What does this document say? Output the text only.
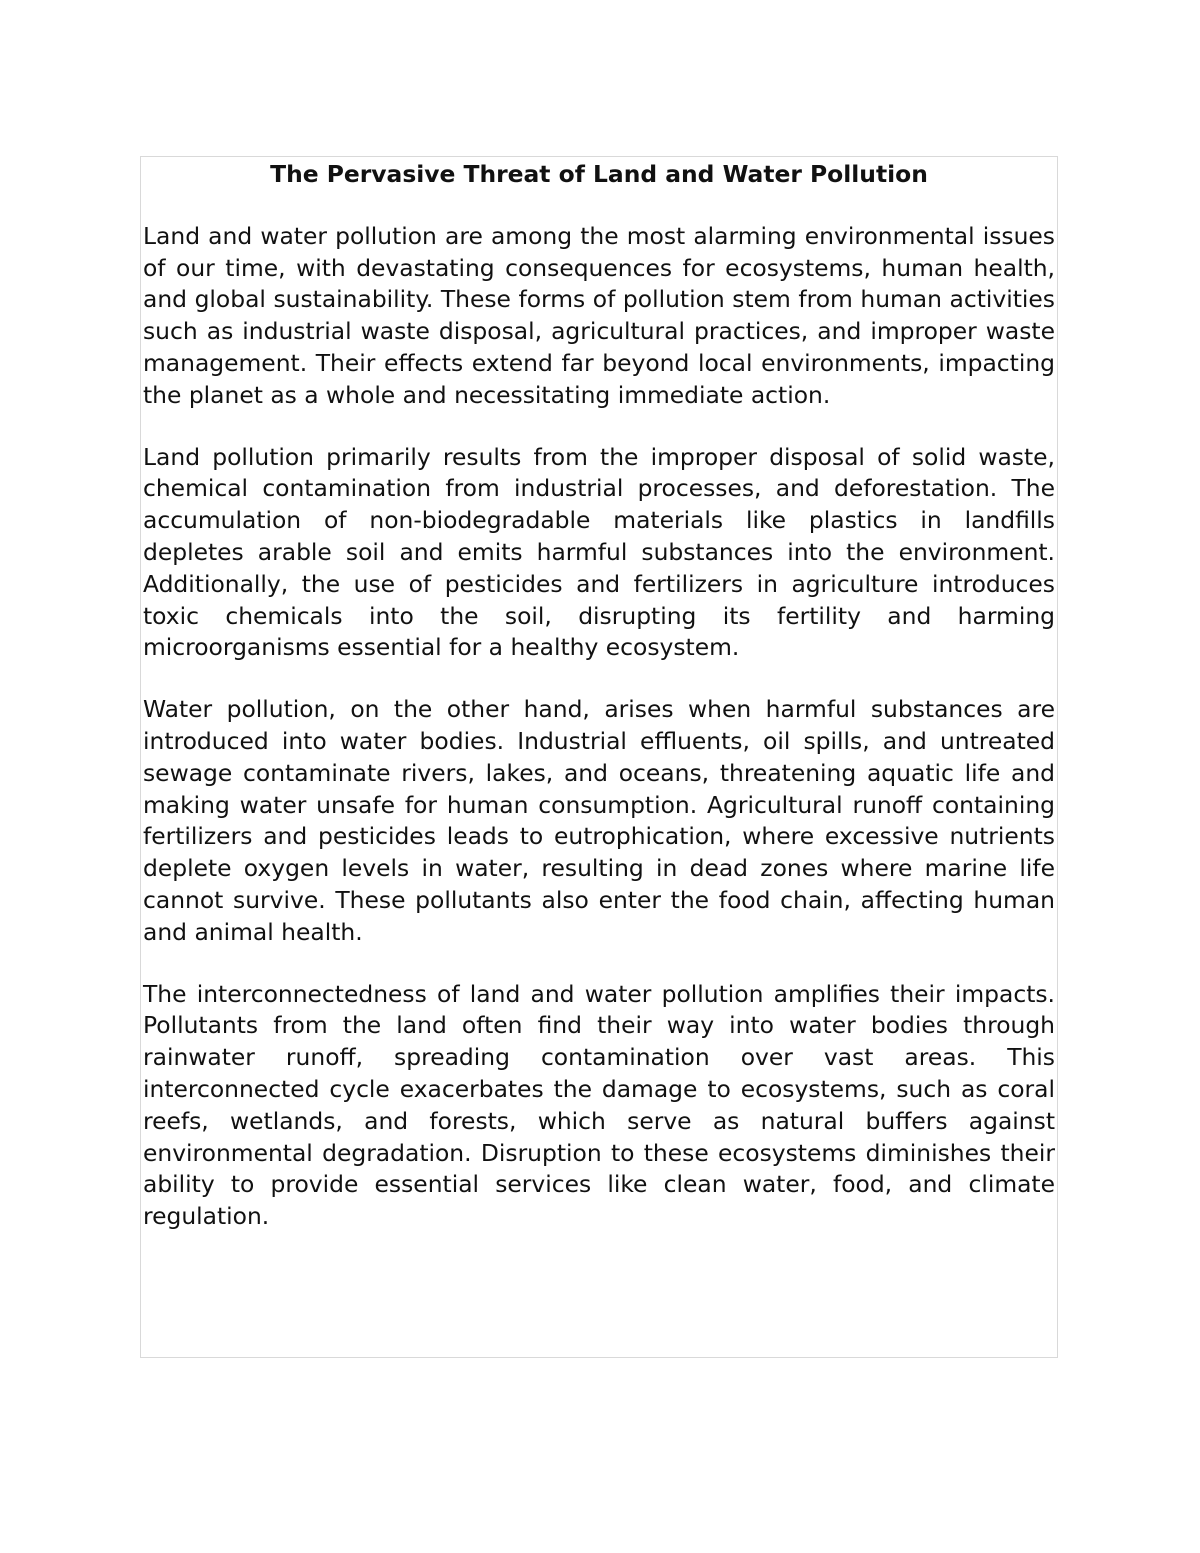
The Pervasive Threat of Land and Water Pollution

Land and water pollution are among the most alarming environmental issues of our time, with devastating consequences for ecosystems, human health, and global sustainability. These forms of pollution stem from human activities such as industrial waste disposal, agricultural practices, and improper waste management. Their effects extend far beyond local environments, impacting the planet as a whole and necessitating immediate action.

Land pollution primarily results from the improper disposal of solid waste, chemical contamination from industrial processes, and deforestation. The accumulation of non-biodegradable materials like plastics in landfills depletes arable soil and emits harmful substances into the environment. Additionally, the use of pesticides and fertilizers in agriculture introduces toxic chemicals into the soil, disrupting its fertility and harming microorganisms essential for a healthy ecosystem.

Water pollution, on the other hand, arises when harmful substances are introduced into water bodies. Industrial effluents, oil spills, and untreated sewage contaminate rivers, lakes, and oceans, threatening aquatic life and making water unsafe for human consumption. Agricultural runoff containing fertilizers and pesticides leads to eutrophication, where excessive nutrients deplete oxygen levels in water, resulting in dead zones where marine life cannot survive. These pollutants also enter the food chain, affecting human and animal health.

The interconnectedness of land and water pollution amplifies their impacts. Pollutants from the land often find their way into water bodies through rainwater runoff, spreading contamination over vast areas. This interconnected cycle exacerbates the damage to ecosystems, such as coral reefs, wetlands, and forests, which serve as natural buffers against environmental degradation. Disruption to these ecosystems diminishes their ability to provide essential services like clean water, food, and climate regulation.
